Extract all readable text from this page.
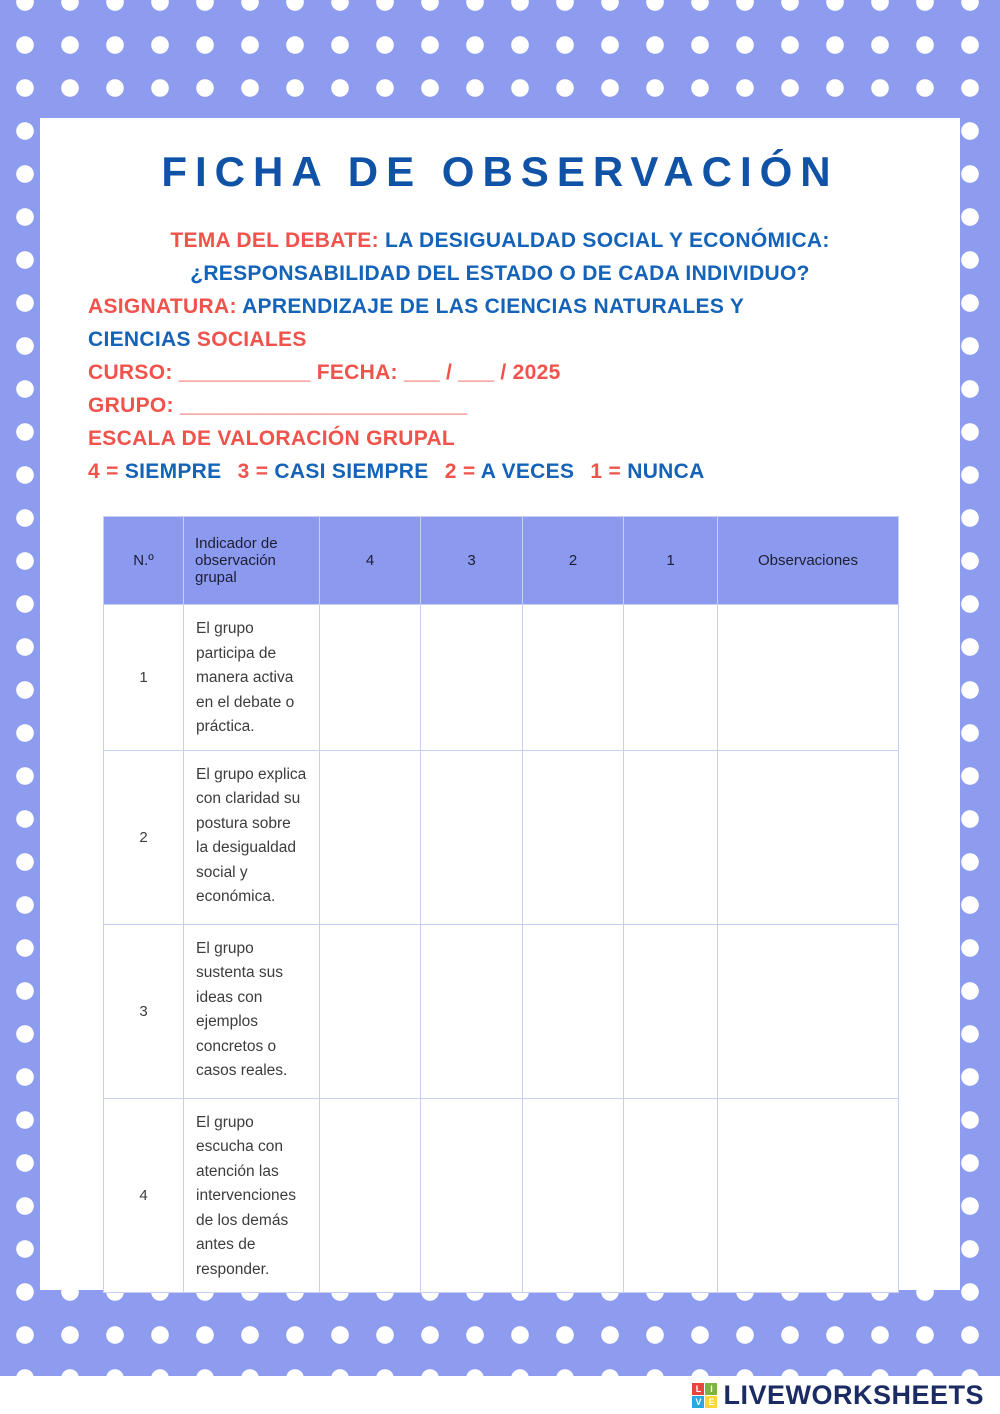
FICHA DE OBSERVACIÓN

TEMA DEL DEBATE: LA DESIGUALDAD SOCIAL Y ECONÓMICA:

¿RESPONSABILIDAD DEL ESTADO O DE CADA INDIVIDUO?

ASIGNATURA: APRENDIZAJE DE LAS CIENCIAS NATURALES Y

CIENCIAS SOCIALES

CURSO: ___________ FECHA: ___ / ___ / 2025

GRUPO: ________________________

ESCALA DE VALORACIÓN GRUPAL

4 = SIEMPRE 3 = CASI SIEMPRE 2 = A VECES 1 = NUNCA

N.º	Indicador de observación grupal	4	3	2	1	Observaciones
1	El grupo participa de manera activa en el debate o práctica.					
2	El grupo explica con claridad su postura sobre la desigualdad social y económica.					
3	El grupo sustenta sus ideas con ejemplos concretos o casos reales.					
4	El grupo escucha con atención las intervenciones de los demás antes de responder.					
L I
V E LIVEWORKSHEETS
